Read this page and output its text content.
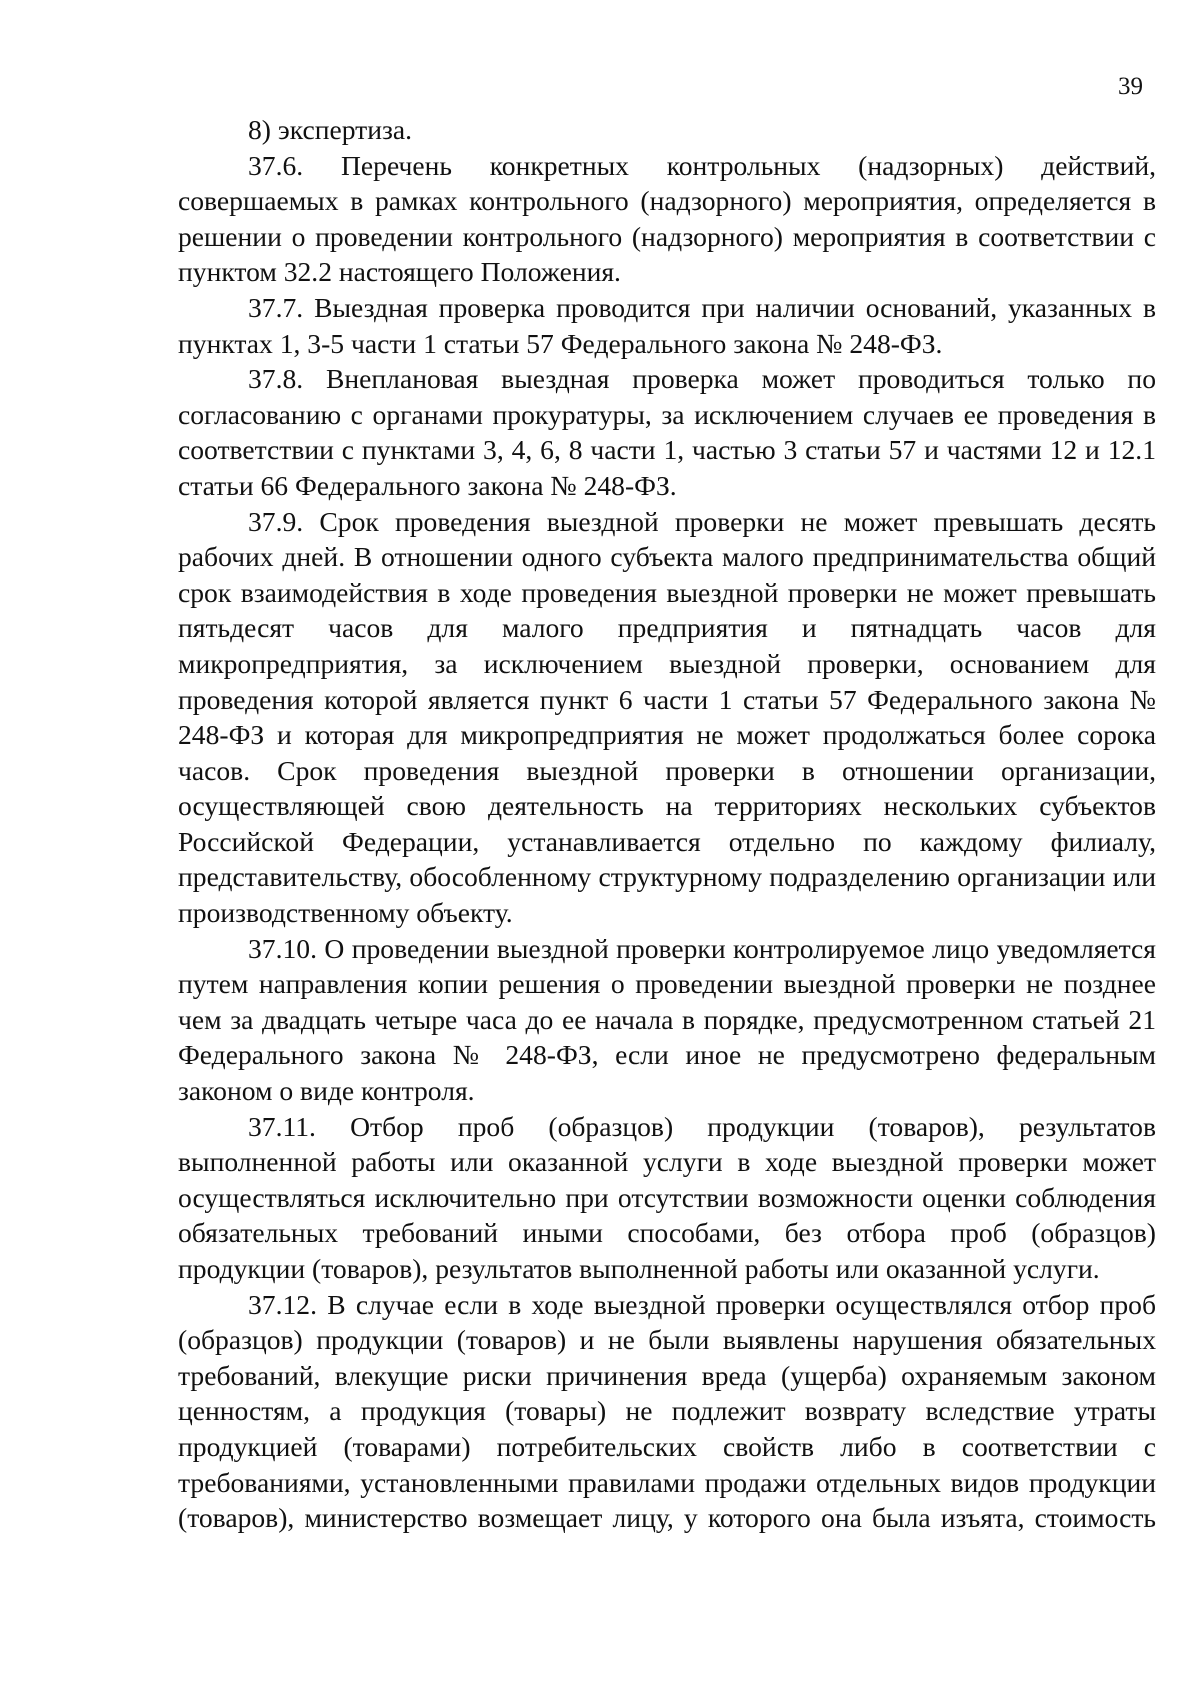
39

8) экспертиза.

37.6. Перечень конкретных контрольных (надзорных) действий, совершаемых в рамках контрольного (надзорного) мероприятия, определяется в решении о проведении контрольного (надзорного) мероприятия в соответствии с пунктом 32.2 настоящего Положения.

37.7. Выездная проверка проводится при наличии оснований, указанных в пунктах 1, 3-5 части 1 статьи 57 Федерального закона № 248-ФЗ.

37.8. Внеплановая выездная проверка может проводиться только по согласованию с органами прокуратуры, за исключением случаев ее проведения в соответствии с пунктами 3, 4, 6, 8 части 1, частью 3 статьи 57 и частями 12 и 12.1 статьи 66 Федерального закона № 248-ФЗ.

37.9. Срок проведения выездной проверки не может превышать десять рабочих дней. В отношении одного субъекта малого предпринимательства общий срок взаимодействия в ходе проведения выездной проверки не может превышать пятьдесят часов для малого предприятия и пятнадцать часов для микропредприятия, за исключением выездной проверки, основанием для проведения которой является пункт 6 части 1 статьи 57 Федерального закона № 248-ФЗ и которая для микропредприятия не может продолжаться более сорока часов. Срок проведения выездной проверки в отношении организации, осуществляющей свою деятельность на территориях нескольких субъектов Российской Федерации, устанавливается отдельно по каждому филиалу, представительству, обособленному структурному подразделению организации или производственному объекту.

37.10. О проведении выездной проверки контролируемое лицо уведомляется путем направления копии решения о проведении выездной проверки не позднее чем за двадцать четыре часа до ее начала в порядке, предусмотренном статьей 21 Федерального закона № 248-ФЗ, если иное не предусмотрено федеральным законом о виде контроля.

37.11. Отбор проб (образцов) продукции (товаров), результатов выполненной работы или оказанной услуги в ходе выездной проверки может осуществляться исключительно при отсутствии возможности оценки соблюдения обязательных требований иными способами, без отбора проб (образцов) продукции (товаров), результатов выполненной работы или оказанной услуги.

37.12. В случае если в ходе выездной проверки осуществлялся отбор проб (образцов) продукции (товаров) и не были выявлены нарушения обязательных требований, влекущие риски причинения вреда (ущерба) охраняемым законом ценностям, а продукция (товары) не подлежит возврату вследствие утраты продукцией (товарами) потребительских свойств либо в соответствии с требованиями, установленными правилами продажи отдельных видов продукции (товаров), министерство возмещает лицу, у которого она была изъята, стоимость
